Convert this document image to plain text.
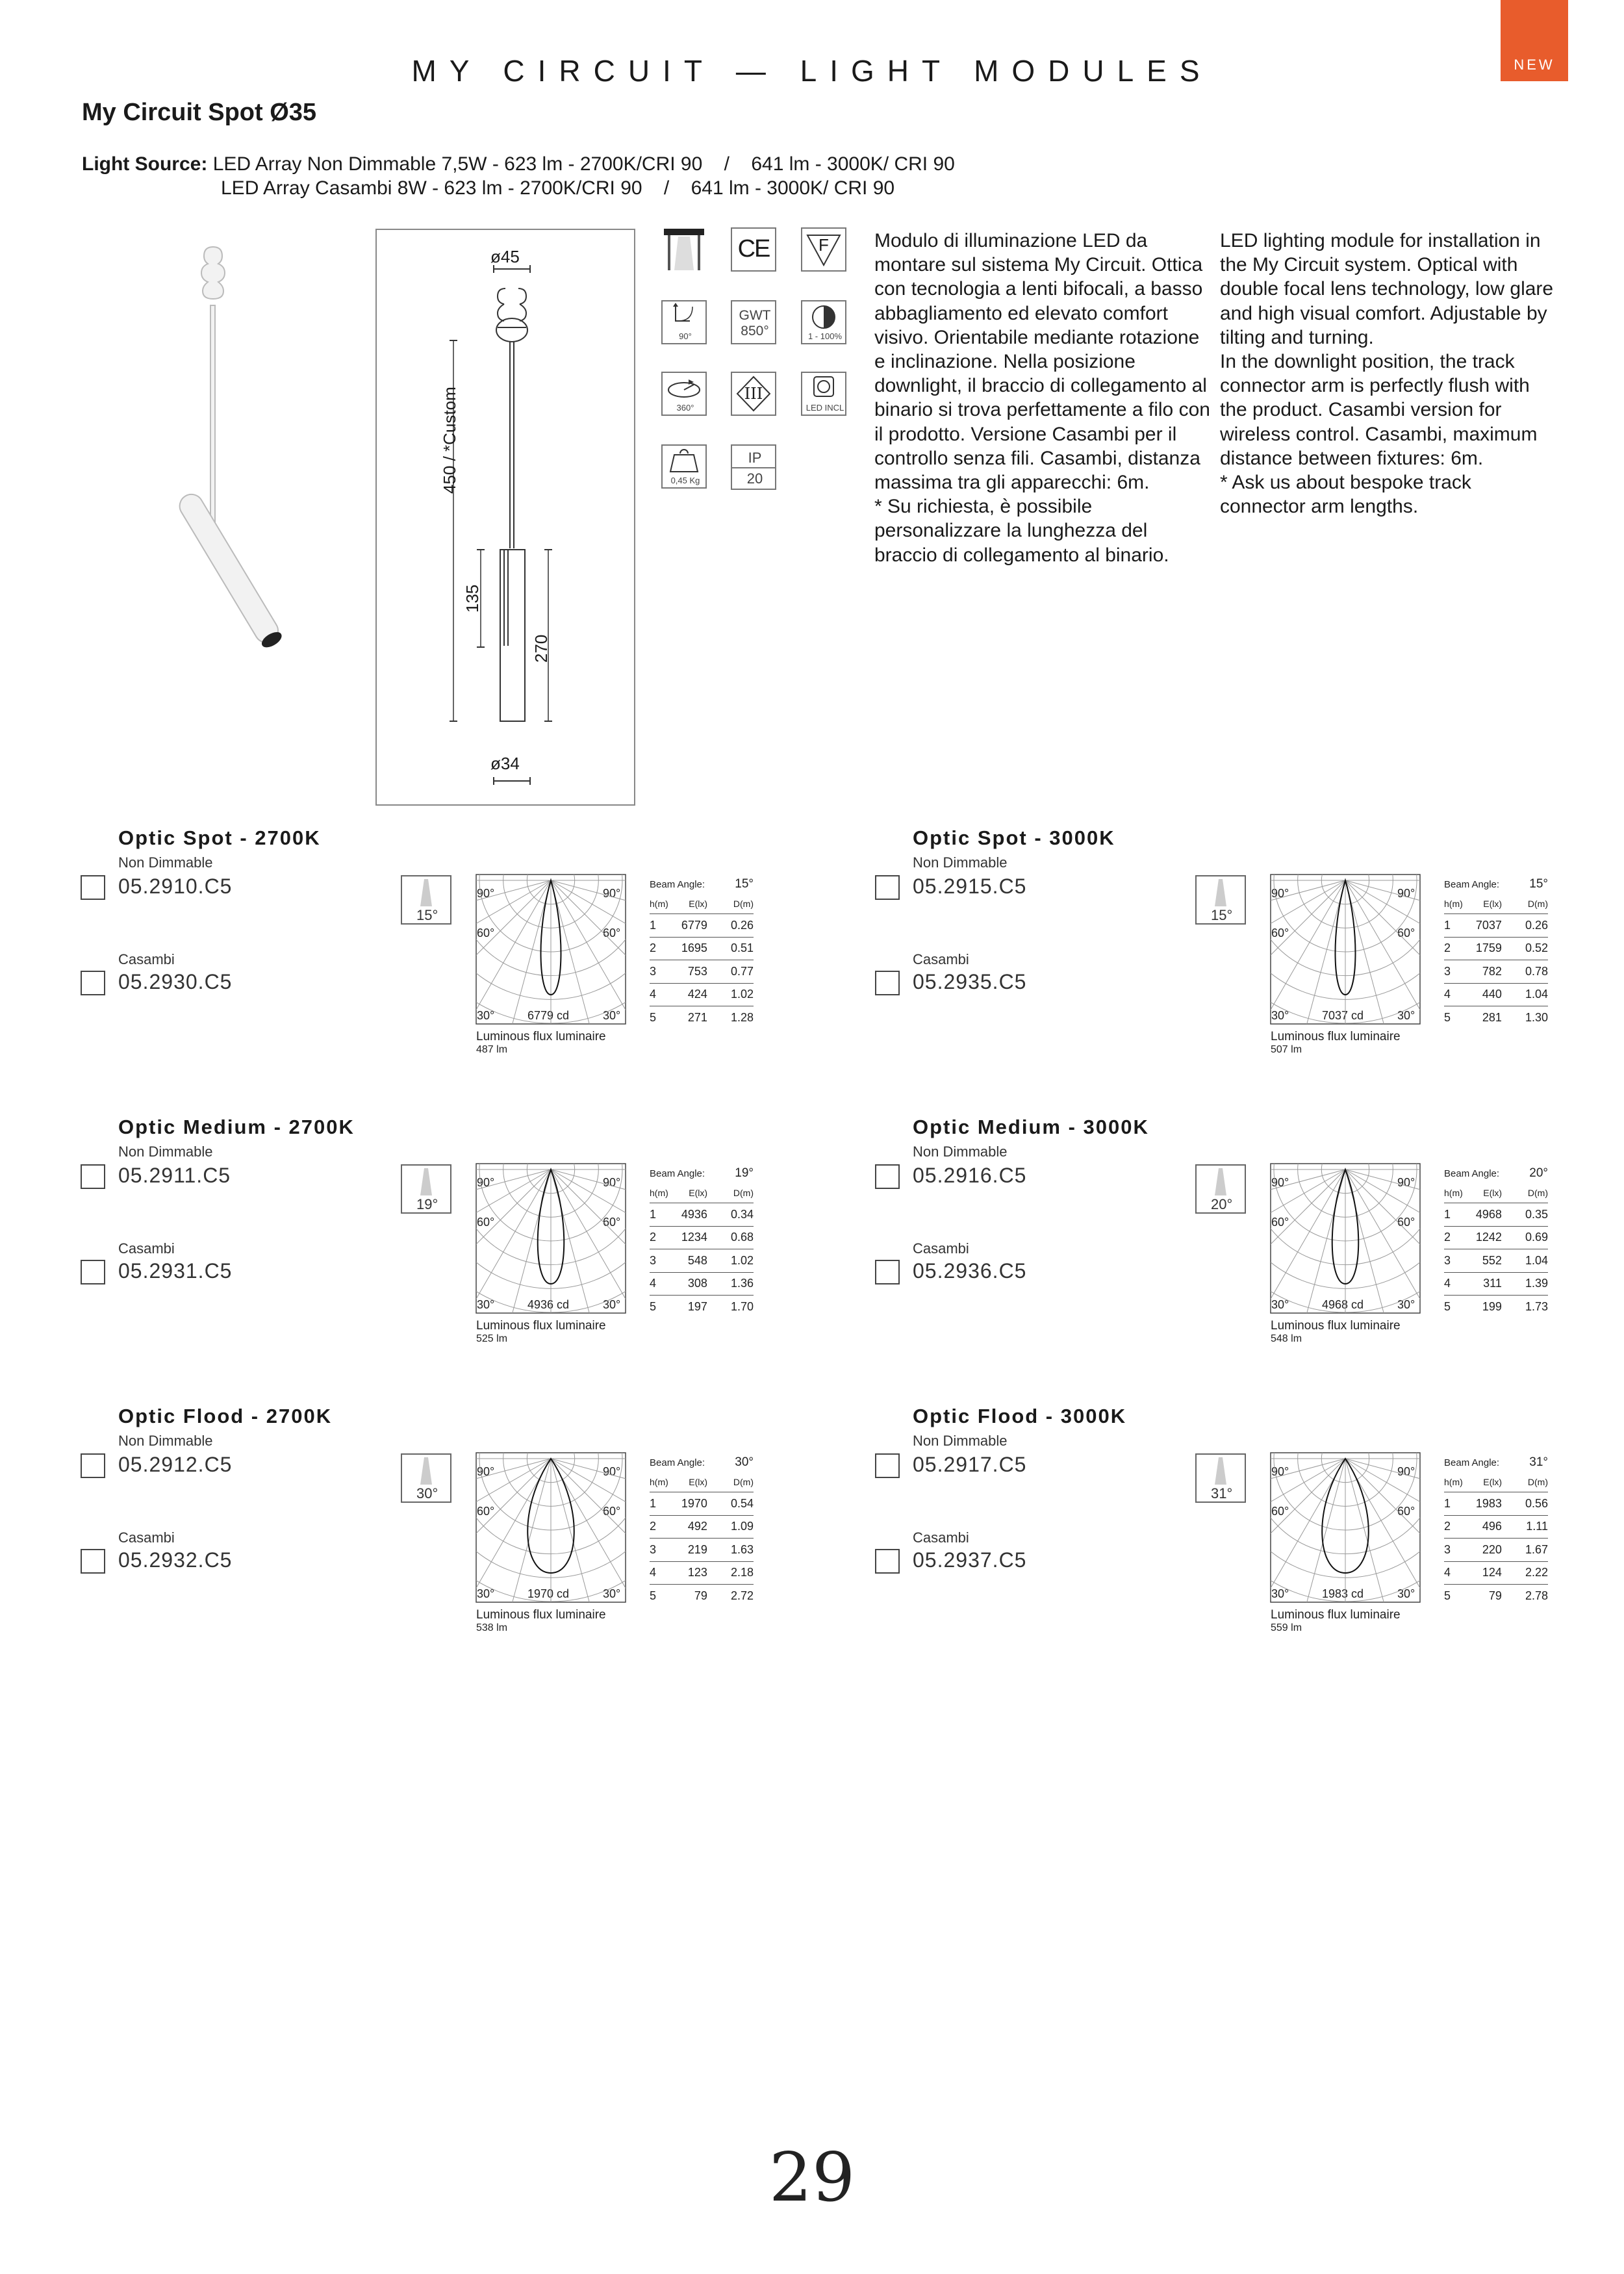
MY CIRCUIT — LIGHT MODULES	NEW
My Circuit Spot Ø35
Light Source: LED Array Non Dimmable 7,5W - 623 lm - 2700K/CRI 90    /    641 lm - 3000K/ CRI 90
LED Array Casambi 8W - 623 lm - 2700K/CRI 90    /    641 lm - 3000K/ CRI 90
ø45
ø34
450 / *Custom
135
270
CE	F
90°
GWT
850°	1 - 100%
360°
III
LED INCL
0,45 Kg
IP
20
Modulo di illuminazione LED da montare sul sistema My Circuit. Ottica con tecnologia a lenti bifocali, a basso abbagliamento ed elevato comfort visivo. Orientabile mediante rotazione e inclinazione. Nella posizione downlight, il braccio di collegamento al binario si trova perfettamente a filo con il prodotto. Versione Casambi per il controllo senza fili. Casambi, distanza massima tra gli apparecchi: 6m.
* Su richiesta, è possibile personalizzare la lunghezza del braccio di collegamento al binario.
LED lighting module for installation in the My Circuit system. Optical with double focal lens technology, low glare and high visual comfort. Adjustable by tilting and turning.
In the downlight position, the track connector arm is perfectly flush with the product. Casambi version for wireless control. Casambi, maximum distance between fixtures: 6m.
* Ask us about bespoke track connector arm lengths.
Optic Spot - 2700K
Non Dimmable
05.2910.C5
Casambi
05.2930.C5
15°
90°	90°
60°	60°
30°	30°
6779 cd
Luminous flux luminaire
487 lm
Beam Angle: 15°
h(m)	E(lx)	D(m)
1	6779	0.26
2	1695	0.51
3	753	0.77
4	424	1.02
5	271	1.28
Optic Spot - 3000K
Non Dimmable
05.2915.C5
Casambi
05.2935.C5
15°
90°	90°
60°	60°
30°	30°
7037 cd
Luminous flux luminaire
507 lm
Beam Angle: 15°
h(m)	E(lx)	D(m)
1	7037	0.26
2	1759	0.52
3	782	0.78
4	440	1.04
5	281	1.30
Optic Medium - 2700K
Non Dimmable
05.2911.C5
Casambi
05.2931.C5
19°
90°	90°
60°	60°
30°	30°
4936 cd
Luminous flux luminaire
525 lm
Beam Angle: 19°
h(m)	E(lx)	D(m)
1	4936	0.34
2	1234	0.68
3	548	1.02
4	308	1.36
5	197	1.70
Optic Medium - 3000K
Non Dimmable
05.2916.C5
Casambi
05.2936.C5
20°
90°	90°
60°	60°
30°	30°
4968 cd
Luminous flux luminaire
548 lm
Beam Angle: 20°
h(m)	E(lx)	D(m)
1	4968	0.35
2	1242	0.69
3	552	1.04
4	311	1.39
5	199	1.73
Optic Flood - 2700K
Non Dimmable
05.2912.C5
Casambi
05.2932.C5
30°
90°	90°
60°	60°
30°	30°
1970 cd
Luminous flux luminaire
538 lm
Beam Angle: 30°
h(m)	E(lx)	D(m)
1	1970	0.54
2	492	1.09
3	219	1.63
4	123	2.18
5	79	2.72
Optic Flood - 3000K
Non Dimmable
05.2917.C5
Casambi
05.2937.C5
31°
90°	90°
60°	60°
30°	30°
1983 cd
Luminous flux luminaire
559 lm
Beam Angle: 31°
h(m)	E(lx)	D(m)
1	1983	0.56
2	496	1.11
3	220	1.67
4	124	2.22
5	79	2.78
29
